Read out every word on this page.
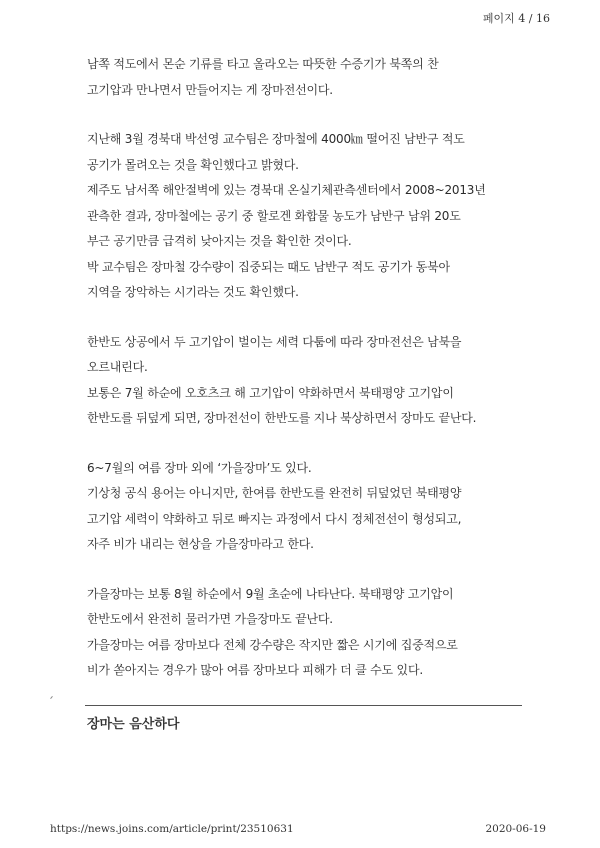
페이지 4 / 16
남쪽 적도에서 몬순 기류를 타고 올라오는 따뜻한 수증기가 북쪽의 찬
고기압과 만나면서 만들어지는 게 장마전선이다.
지난해 3월 경북대 박선영 교수팀은 장마철에 4000㎞ 떨어진 남반구 적도
공기가 몰려오는 것을 확인했다고 밝혔다.
제주도 남서쪽 해안절벽에 있는 경북대 온실기체관측센터에서 2008~2013년
관측한 결과, 장마철에는 공기 중 할로겐 화합물 농도가 남반구 남위 20도
부근 공기만큼 급격히 낮아지는 것을 확인한 것이다.
박 교수팀은 장마철 강수량이 집중되는 때도 남반구 적도 공기가 동북아
지역을 장악하는 시기라는 것도 확인했다.
한반도 상공에서 두 고기압이 벌이는 세력 다툼에 따라 장마전선은 남북을
오르내린다.
보통은 7월 하순에 오호츠크 해 고기압이 약화하면서 북태평양 고기압이
한반도를 뒤덮게 되면, 장마전선이 한반도를 지나 북상하면서 장마도 끝난다.
6~7월의 여름 장마 외에 ‘가을장마’도 있다.
기상청 공식 용어는 아니지만, 한여름 한반도를 완전히 뒤덮었던 북태평양
고기압 세력이 약화하고 뒤로 빠지는 과정에서 다시 정체전선이 형성되고,
자주 비가 내리는 현상을 가을장마라고 한다.
가을장마는 보통 8월 하순에서 9월 초순에 나타난다. 북태평양 고기압이
한반도에서 완전히 물러가면 가을장마도 끝난다.
가을장마는 여름 장마보다 전체 강수량은 작지만 짧은 시기에 집중적으로
비가 쏟아지는 경우가 많아 여름 장마보다 피해가 더 클 수도 있다.
장마는 음산하다
https://news.joins.com/article/print/23510631	2020-06-19
